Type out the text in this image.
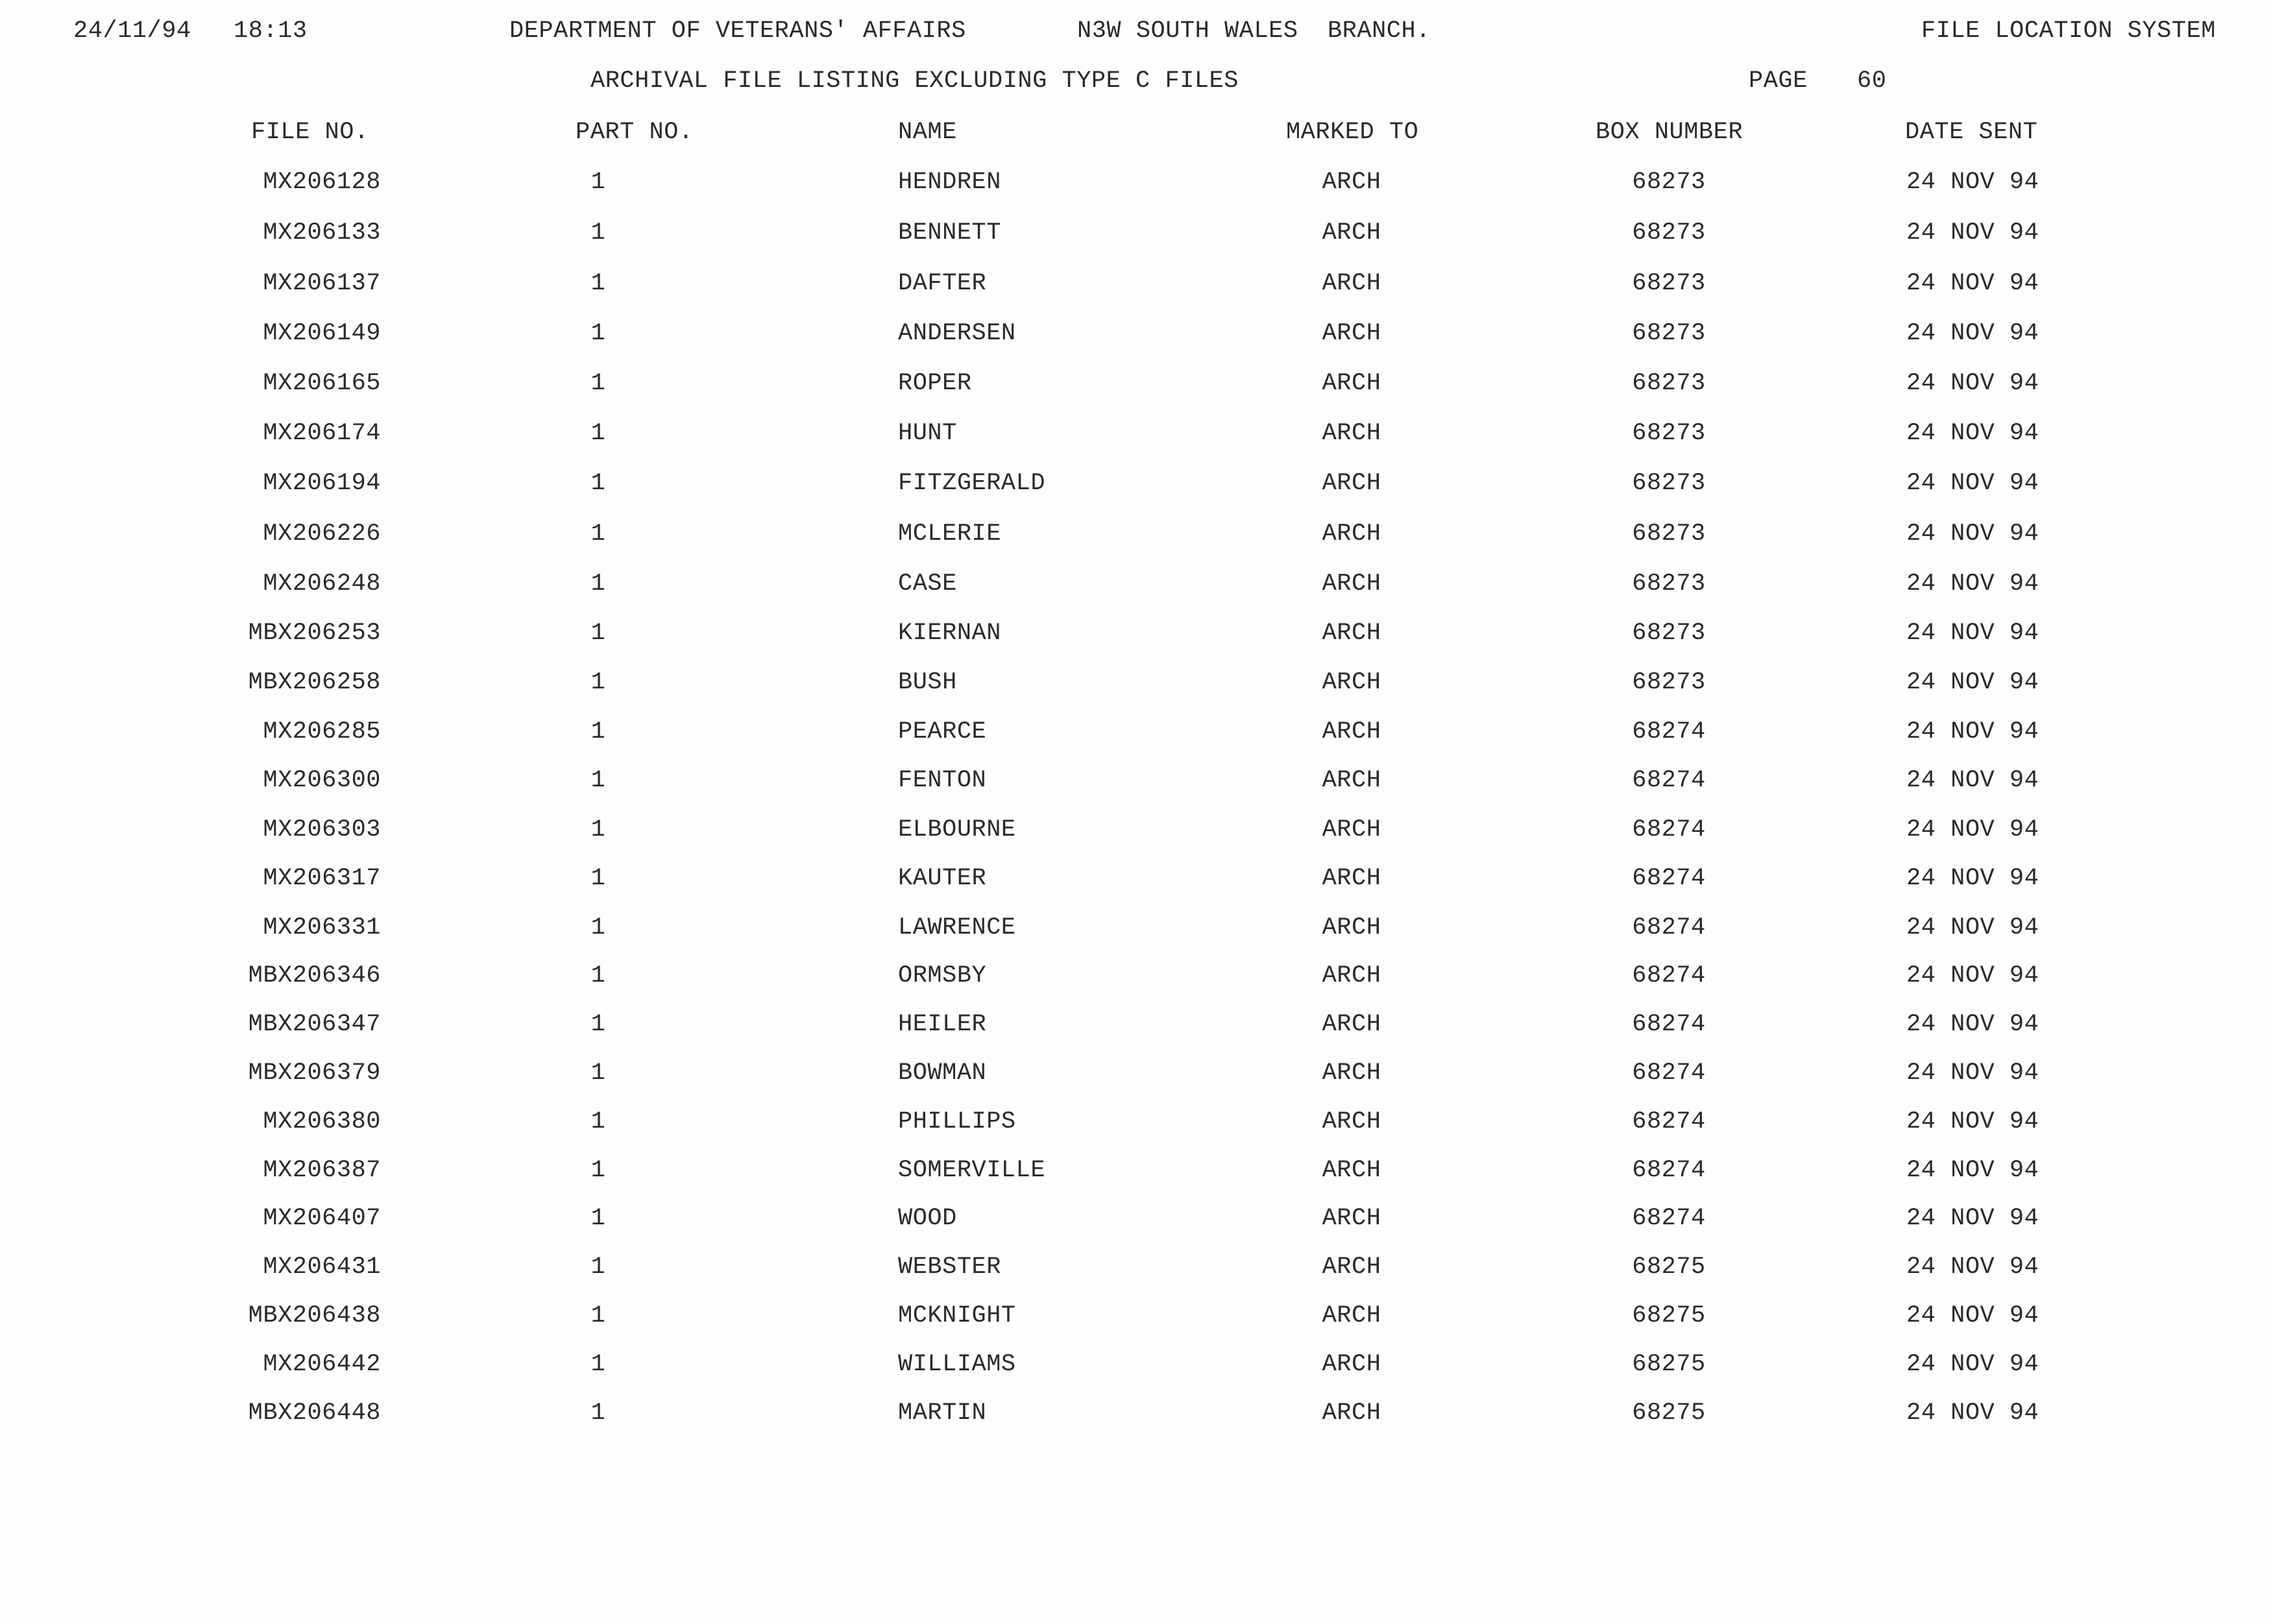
24/11/94 18:13	DEPARTMENT OF VETERANS' AFFAIRS	N3W SOUTH WALES  BRANCH.	FILE LOCATION SYSTEM
ARCHIVAL FILE LISTING EXCLUDING TYPE C FILES	PAGE 60
FILE NO.	PART NO.	NAME	MARKED TO	BOX NUMBER	DATE SENT
MX206128	1	HENDREN	ARCH	68273	24 NOV 94
MX206133	1	BENNETT	ARCH	68273	24 NOV 94
MX206137	1	DAFTER	ARCH	68273	24 NOV 94
MX206149	1	ANDERSEN	ARCH	68273	24 NOV 94
MX206165	1	ROPER	ARCH	68273	24 NOV 94
MX206174	1	HUNT	ARCH	68273	24 NOV 94
MX206194	1	FITZGERALD	ARCH	68273	24 NOV 94
MX206226	1	MCLERIE	ARCH	68273	24 NOV 94
MX206248	1	CASE	ARCH	68273	24 NOV 94
MBX206253	1	KIERNAN	ARCH	68273	24 NOV 94
MBX206258	1	BUSH	ARCH	68273	24 NOV 94
MX206285	1	PEARCE	ARCH	68274	24 NOV 94
MX206300	1	FENTON	ARCH	68274	24 NOV 94
MX206303	1	ELBOURNE	ARCH	68274	24 NOV 94
MX206317	1	KAUTER	ARCH	68274	24 NOV 94
MX206331	1	LAWRENCE	ARCH	68274	24 NOV 94
MBX206346	1	ORMSBY	ARCH	68274	24 NOV 94
MBX206347	1	HEILER	ARCH	68274	24 NOV 94
MBX206379	1	BOWMAN	ARCH	68274	24 NOV 94
MX206380	1	PHILLIPS	ARCH	68274	24 NOV 94
MX206387	1	SOMERVILLE	ARCH	68274	24 NOV 94
MX206407	1	WOOD	ARCH	68274	24 NOV 94
MX206431	1	WEBSTER	ARCH	68275	24 NOV 94
MBX206438	1	MCKNIGHT	ARCH	68275	24 NOV 94
MX206442	1	WILLIAMS	ARCH	68275	24 NOV 94
MBX206448	1	MARTIN	ARCH	68275	24 NOV 94
